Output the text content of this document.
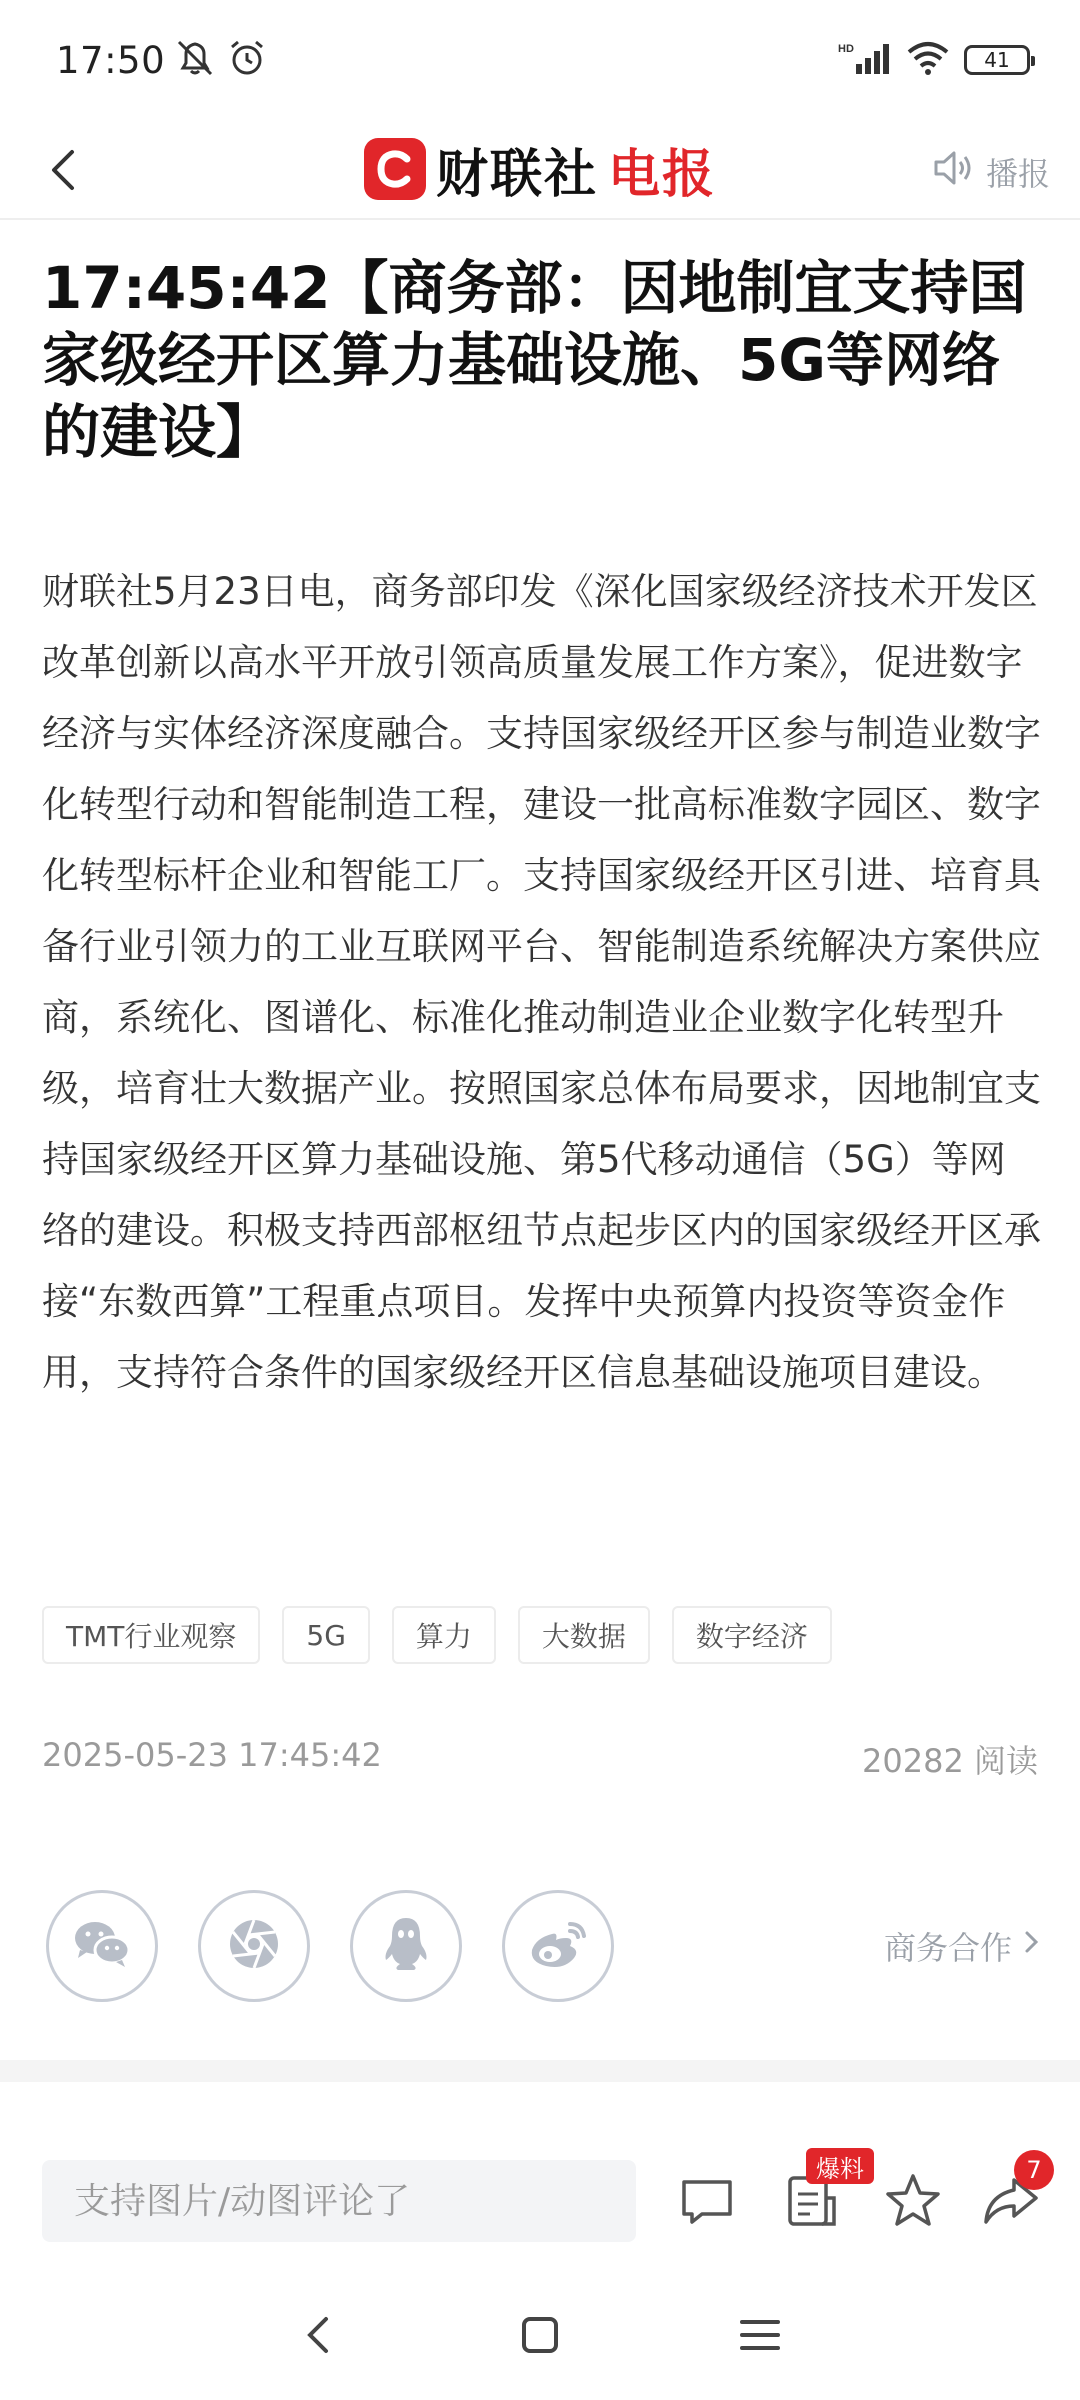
17:50	HD	41
财联社 电报	播报
17:45:42【商务部：因地制宜支持国家级经开区算力基础设施、5G等网络的建设】
财联社5月23日电，商务部印发《深化国家级经济技术开发区改革创新以高水平开放引领高质量发展工作方案》，促进数字经济与实体经济深度融合。支持国家级经开区参与制造业数字化转型行动和智能制造工程，建设一批高标准数字园区、数字化转型标杆企业和智能工厂。支持国家级经开区引进、培育具备行业引领力的工业互联网平台、智能制造系统解决方案供应商，系统化、图谱化、标准化推动制造业企业数字化转型升级，培育壮大数据产业。按照国家总体布局要求，因地制宜支持国家级经开区算力基础设施、第5代移动通信（5G）等网络的建设。积极支持西部枢纽节点起步区内的国家级经开区承接“东数西算”工程重点项目。发挥中央预算内投资等资金作用，支持符合条件的国家级经开区信息基础设施项目建设。
TMT行业观察	5G	算力	大数据	数字经济
2025-05-23 17:45:42	20282 阅读
商务合作
支持图片/动图评论了
爆料	7
